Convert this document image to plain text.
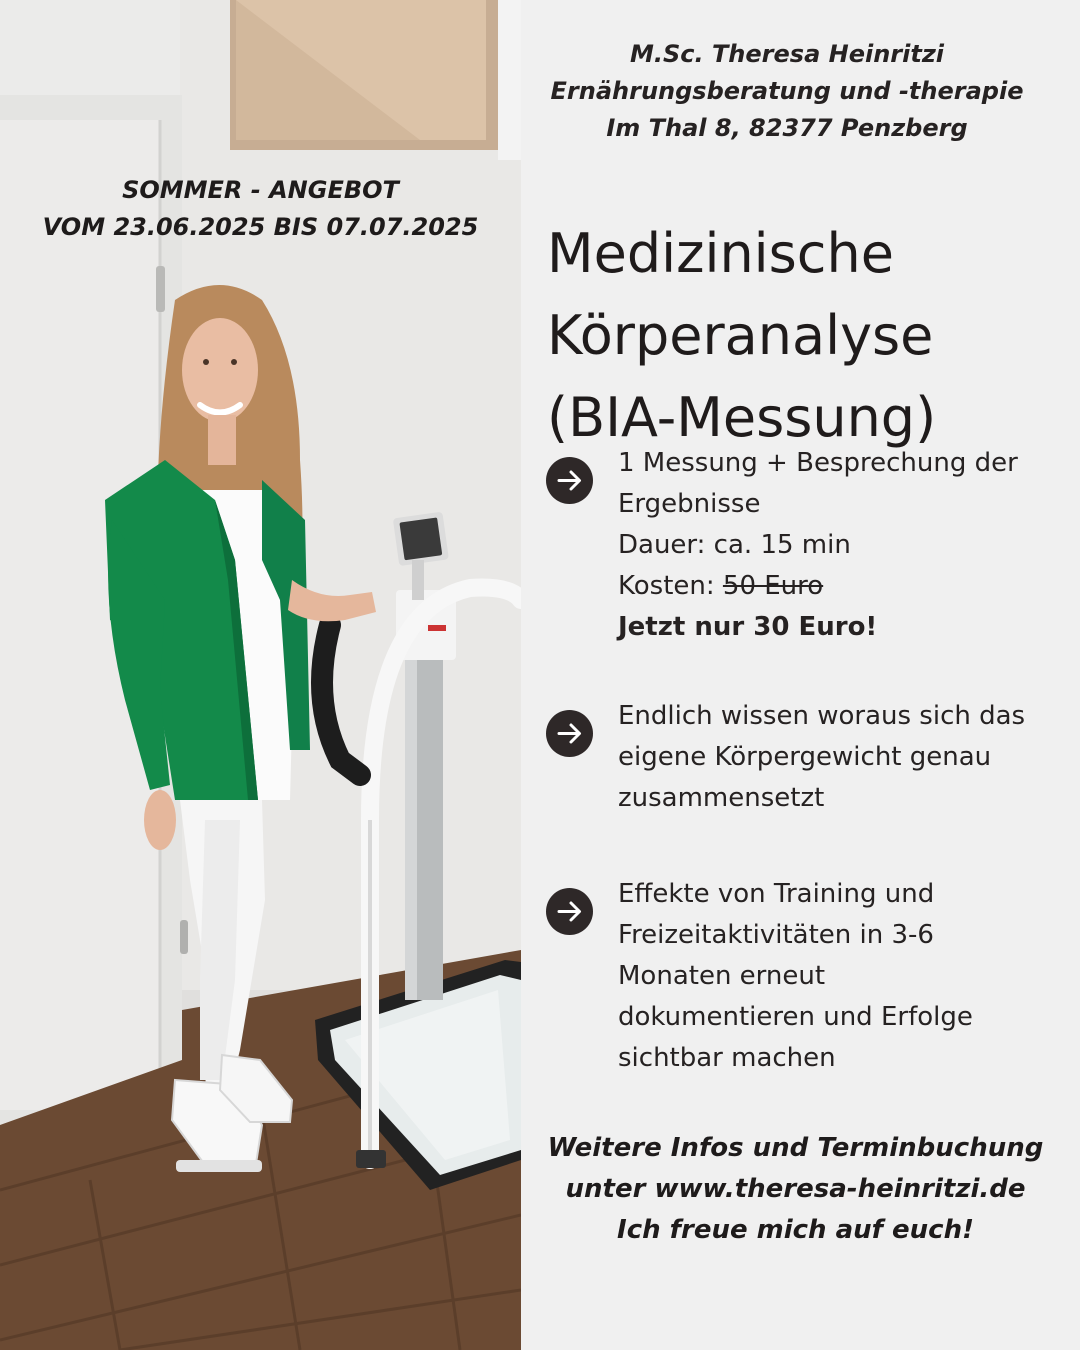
SOMMER - ANGEBOT
VOM 23.06.2025 BIS 07.07.2025
M.Sc. Theresa Heinritzi
Ernährungsberatung und -therapie
Im Thal 8, 82377 Penzberg
Medizinische
Körperanalyse
(BIA-Messung)
1 Messung + Besprechung der
Ergebnisse
Dauer: ca. 15 min
Kosten: 50 Euro
Jetzt nur 30 Euro!
Endlich wissen woraus sich das
eigene Körpergewicht genau
zusammensetzt
Effekte von Training und
Freizeitaktivitäten in 3-6
Monaten erneut
dokumentieren und Erfolge
sichtbar machen
Weitere Infos und Terminbuchung
unter www.theresa-heinritzi.de
Ich freue mich auf euch!
